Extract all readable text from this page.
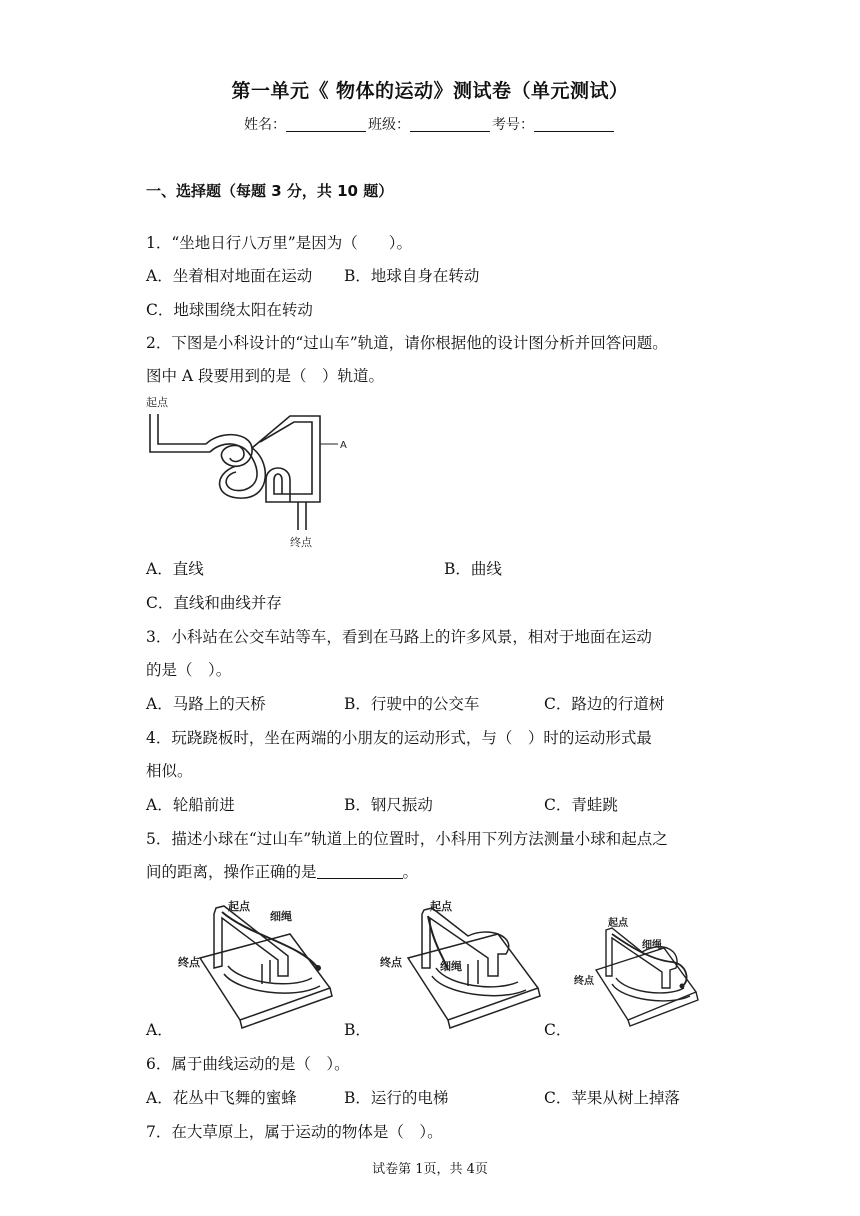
第一单元《 物体的运动》测试卷（单元测试）
姓名：	班级：	考号：
一、选择题（每题 3 分，共 10 题）
1．“坐地日行八万里”是因为（　　）。
A．坐着相对地面在运动 B．地球自身在转动
C．地球围绕太阳在转动
2．下图是小科设计的“过山车”轨道，请你根据他的设计图分析并回答问题。
图中 A 段要用到的是（　）轨道。
起点
A
终点
A．直线	B．曲线
C．直线和曲线并存
3．小科站在公交车站等车，看到在马路上的许多风景，相对于地面在运动
的是（　）。
A．马路上的天桥	B．行驶中的公交车	C．路边的行道树
4．玩跷跷板时，坐在两端的小朋友的运动形式，与（　）时的运动形式最
相似。
A．轮船前进	B．钢尺振动	C．青蛙跳
5．描述小球在“过山车”轨道上的位置时，小科用下列方法测量小球和起点之
间的距离，操作正确的是	。
起点
细绳
终点
起点
细绳
终点
起点
细绳
终点
A．	B．	C．
6．属于曲线运动的是（　）。
A．花丛中飞舞的蜜蜂	B．运行的电梯	C．苹果从树上掉落
7．在大草原上，属于运动的物体是（　）。
试卷第 1页，共 4页
